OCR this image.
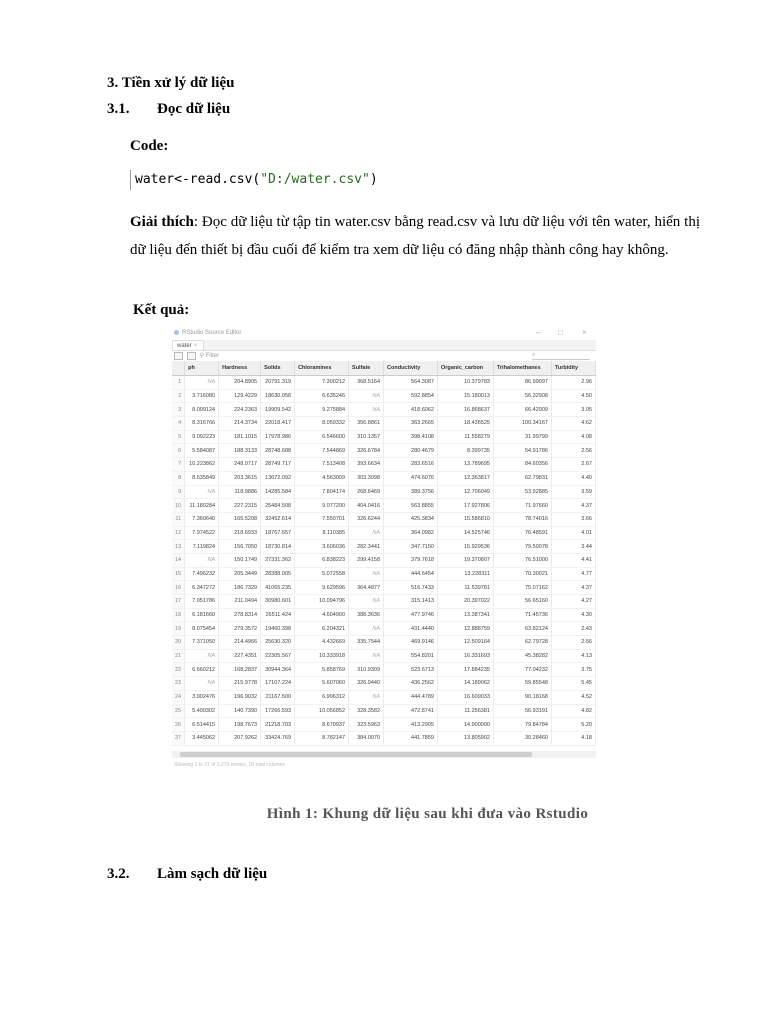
3. Tiền xử lý dữ liệu
3.1. Đọc dữ liệu
Code:
water<-read.csv("D:/water.csv")
Giải thích: Đọc dữ liệu từ tập tin water.csv bằng read.csv và lưu dữ liệu với tên water, hiển thị dữ liệu đến thiết bị đầu cuối để kiểm tra xem dữ liệu có đăng nhập thành công hay không.
Kết quả:
RStudio Source Editor	– □ ×
water ×
⚲ Filter	⌕
	ph	Hardness	Solids	Chloramines	Sulfate	Conductivity	Organic_carbon	Trihalomethanes	Turbidity
1	NA	204.8905	20791.319	7.300212	368.5164	564.3087	10.379783	86.99097	2.96
2	3.716080	129.4229	18630.058	6.635246	NA	592.8854	15.180013	56.32908	4.50
3	8.099124	224.2363	19909.542	9.275884	NA	418.6062	16.868637	66.42009	3.05
4	8.316766	214.3734	22018.417	8.059332	356.8861	363.2665	18.436525	100.34167	4.62
5	9.092223	181.1015	17978.986	6.546600	310.1357	398.4108	11.558279	31.99799	4.08
6	5.584087	188.3133	28748.688	7.544869	326.6784	280.4679	8.399735	54.91786	2.56
7	10.223862	248.0717	28749.717	7.513408	393.6634	283.6516	13.789695	84.60356	2.67
8	8.635849	203.3615	13672.092	4.563009	303.3098	474.6076	12.363817	62.79831	4.40
9	NA	118.9886	14285.584	7.804174	268.6469	389.3756	12.706049	53.92885	3.59
10	11.180284	227.2315	25484.508	9.077200	404.0416	563.8855	17.927806	71.97660	4.37
11	7.360640	165.5208	32452.614	7.550701	326.6244	425.3834	15.586810	78.74016	3.66
12	7.974522	218.6933	18767.657	8.110385	NA	364.0982	14.525746	76.48591	4.01
13	7.119824	156.7050	18730.814	3.606036	282.3441	347.7150	15.929536	79.50078	3.44
14	NA	150.1749	27331.362	6.838223	299.4158	379.7618	19.370807	76.51000	4.41
15	7.496232	205.3449	28388.005	5.072558	NA	444.6454	13.228311	70.30021	4.77
16	6.347272	186.7329	41065.235	9.629596	364.4877	516.7433	11.539781	75.07162	4.37
17	7.051786	211.0494	30980.601	10.094796	NA	315.1413	20.397022	56.65160	4.27
18	6.181660	278.8314	26511.424	4.604900	388.3636	477.9746	13.387341	71.45736	4.30
19	8.075454	279.3572	19460.398	6.204321	NA	431.4440	12.888759	63.82124	2.43
20	7.371050	214.4966	25630.320	4.432669	335.7544	469.9146	12.509164	62.79728	2.56
21	NA	227.4351	22305.567	10.333918	NA	554.8201	16.331693	45.38282	4.13
22	6.660212	168.2837	30944.364	5.858769	310.9309	523.6713	17.884235	77.04232	3.75
23	NA	215.9778	17107.224	5.607060	326.9440	436.2562	14.189062	59.85548	5.45
24	3.902476	196.9032	21167.500	6.996312	NA	444.4789	16.609033	90.18168	4.52
25	5.400302	140.7390	17266.593	10.056852	328.3582	472.8741	11.256381	56.93191	4.82
26	6.514415	198.7673	21218.703	8.670937	323.5963	413.2905	14.900090	79.84784	5.20
27	3.445062	207.9262	33424.769	8.782147	384.0070	441.7859	13.805902	30.28460	4.18
Showing 1 to 27 of 3,276 entries, 10 total columns
Hình 1: Khung dữ liệu sau khi đưa vào Rstudio
3.2. Làm sạch dữ liệu
